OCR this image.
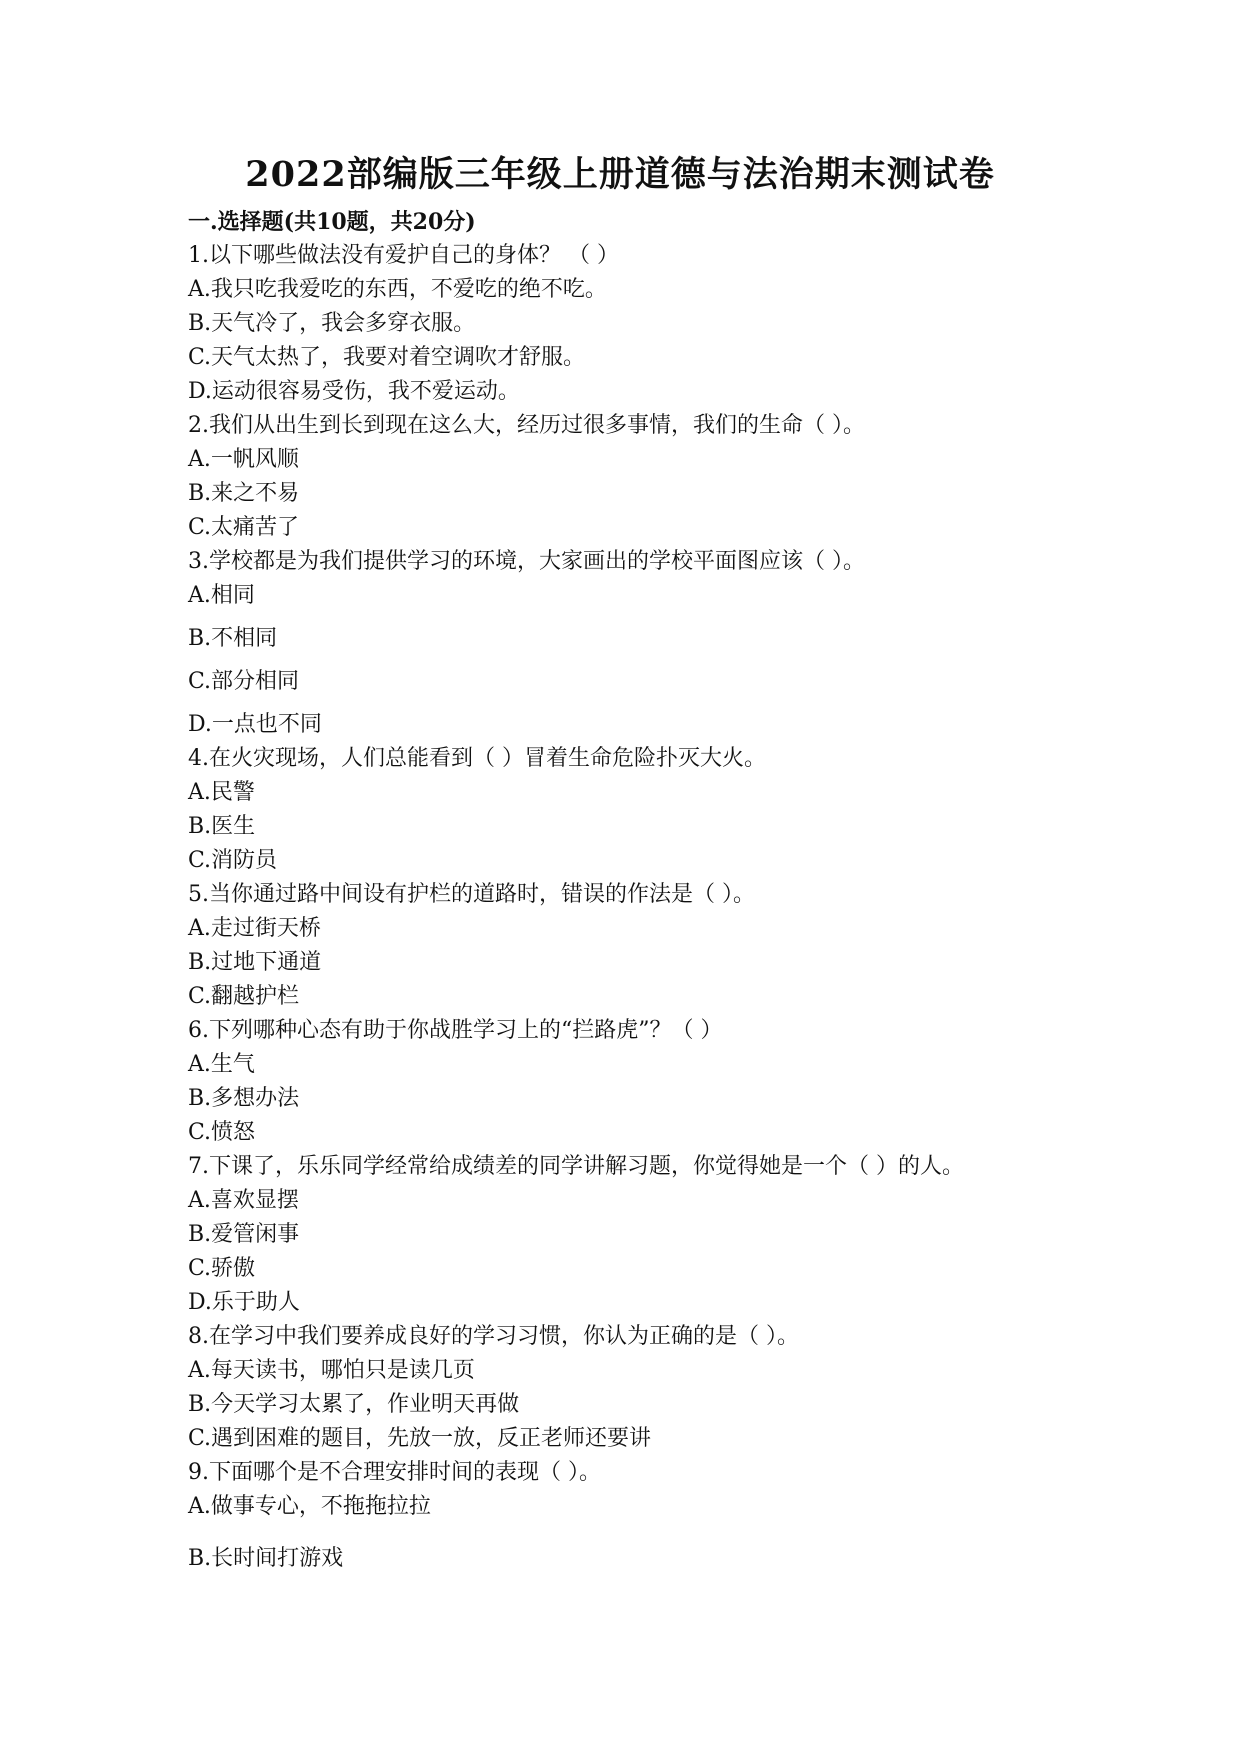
2022部编版三年级上册道德与法治期末测试卷
一.选择题(共10题，共20分)
1.以下哪些做法没有爱护自己的身体？ （ ）
A.我只吃我爱吃的东西，不爱吃的绝不吃。
B.天气冷了，我会多穿衣服。
C.天气太热了，我要对着空调吹才舒服。
D.运动很容易受伤，我不爱运动。
2.我们从出生到长到现在这么大，经历过很多事情，我们的生命（ ）。
A.一帆风顺
B.来之不易
C.太痛苦了
3.学校都是为我们提供学习的环境，大家画出的学校平面图应该（ ）。
A.相同
B.不相同
C.部分相同
D.一点也不同
4.在火灾现场，人们总能看到（ ）冒着生命危险扑灭大火。
A.民警
B.医生
C.消防员
5.当你通过路中间设有护栏的道路时，错误的作法是（ ）。
A.走过街天桥
B.过地下通道
C.翻越护栏
6.下列哪种心态有助于你战胜学习上的“拦路虎”？（ ）
A.生气
B.多想办法
C.愤怒
7.下课了，乐乐同学经常给成绩差的同学讲解习题，你觉得她是一个（ ）的人。
A.喜欢显摆
B.爱管闲事
C.骄傲
D.乐于助人
8.在学习中我们要养成良好的学习习惯，你认为正确的是（ ）。
A.每天读书，哪怕只是读几页
B.今天学习太累了，作业明天再做
C.遇到困难的题目，先放一放，反正老师还要讲
9.下面哪个是不合理安排时间的表现（ ）。
A.做事专心，不拖拖拉拉
B.长时间打游戏
